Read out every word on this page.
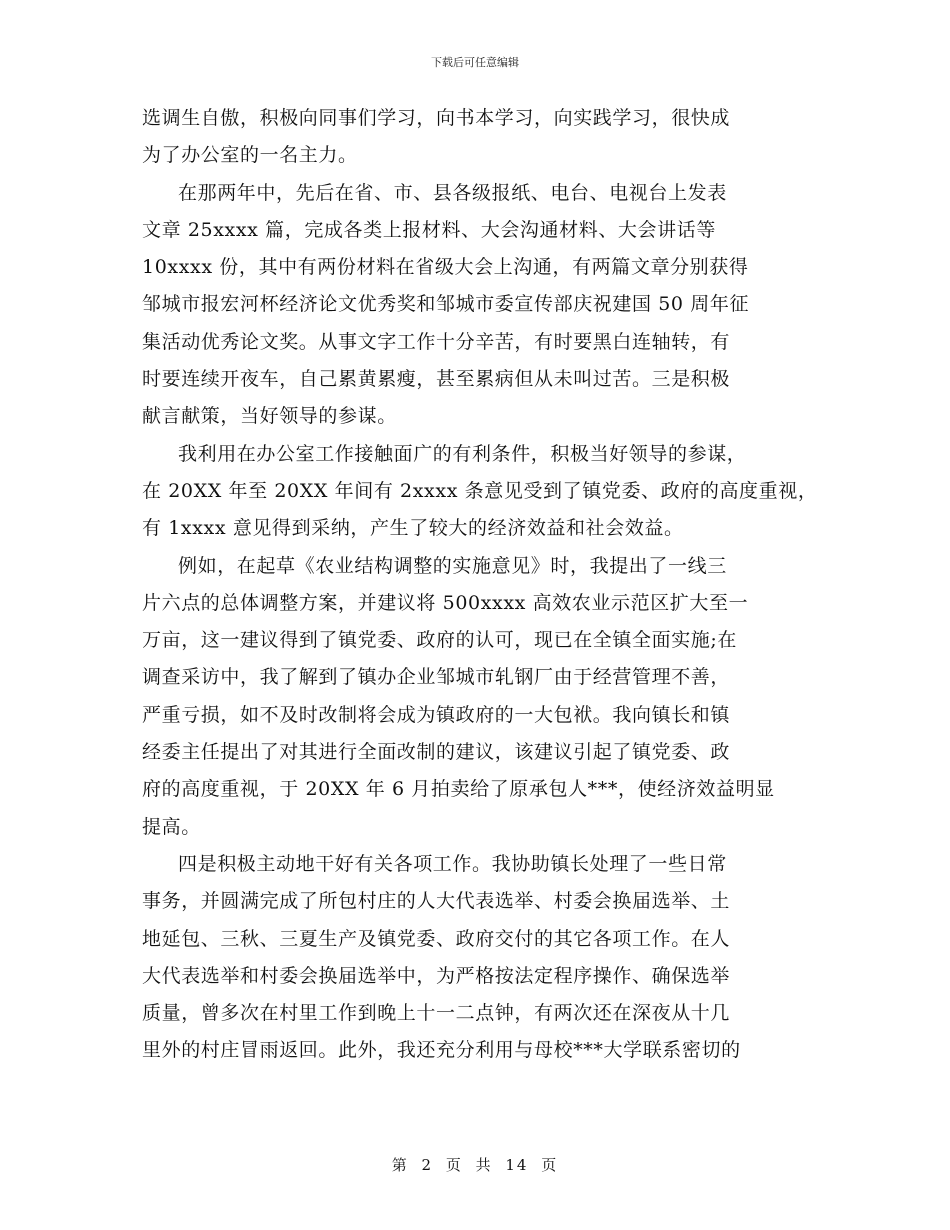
下载后可任意编辑
选调生自傲，积极向同事们学习，向书本学习，向实践学习，很快成
为了办公室的一名主力。
在那两年中，先后在省、市、县各级报纸、电台、电视台上发表
文章 25xxxx 篇，完成各类上报材料、大会沟通材料、大会讲话等
10xxxx 份，其中有两份材料在省级大会上沟通，有两篇文章分别获得
邹城市报宏河杯经济论文优秀奖和邹城市委宣传部庆祝建国 50 周年征
集活动优秀论文奖。从事文字工作十分辛苦，有时要黑白连轴转，有
时要连续开夜车，自己累黄累瘦，甚至累病但从未叫过苦。三是积极
献言献策，当好领导的参谋。
我利用在办公室工作接触面广的有利条件，积极当好领导的参谋，
在 20XX 年至 20XX 年间有 2xxxx 条意见受到了镇党委、政府的高度重视，
有 1xxxx 意见得到采纳，产生了较大的经济效益和社会效益。
例如，在起草《农业结构调整的实施意见》时，我提出了一线三
片六点的总体调整方案，并建议将 500xxxx 高效农业示范区扩大至一
万亩，这一建议得到了镇党委、政府的认可，现已在全镇全面实施;在
调查采访中，我了解到了镇办企业邹城市轧钢厂由于经营管理不善，
严重亏损，如不及时改制将会成为镇政府的一大包袱。我向镇长和镇
经委主任提出了对其进行全面改制的建议，该建议引起了镇党委、政
府的高度重视，于 20XX 年 6 月拍卖给了原承包人***，使经济效益明显
提高。
四是积极主动地干好有关各项工作。我协助镇长处理了一些日常
事务，并圆满完成了所包村庄的人大代表选举、村委会换届选举、土
地延包、三秋、三夏生产及镇党委、政府交付的其它各项工作。在人
大代表选举和村委会换届选举中，为严格按法定程序操作、确保选举
质量，曾多次在村里工作到晚上十一二点钟，有两次还在深夜从十几
里外的村庄冒雨返回。此外，我还充分利用与母校***大学联系密切的
第 2 页 共 14 页
